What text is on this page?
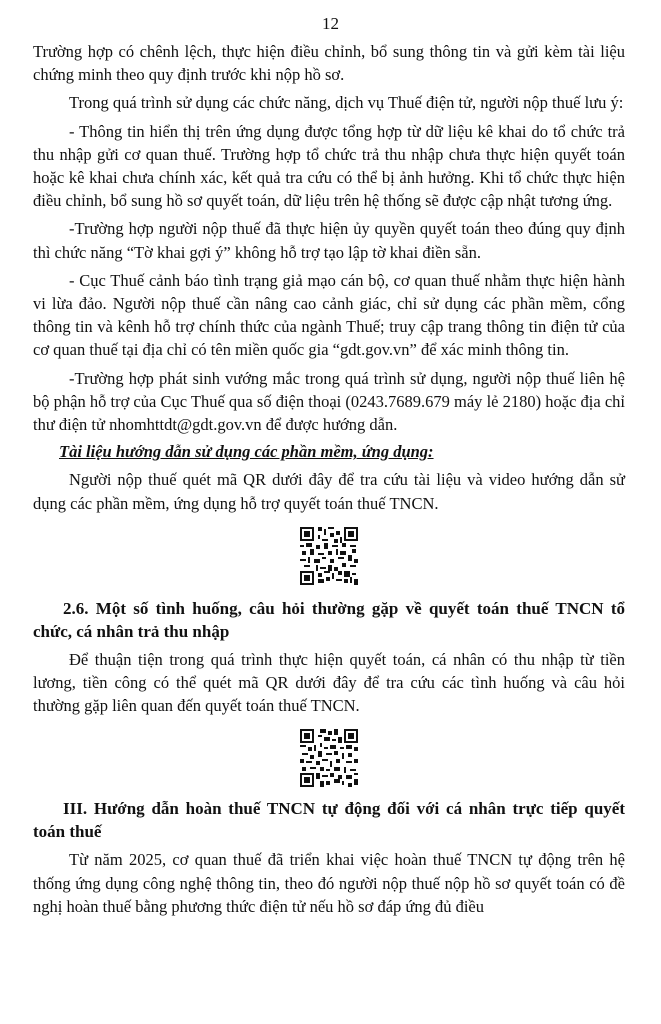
12

Trường hợp có chênh lệch, thực hiện điều chỉnh, bổ sung thông tin và gửi kèm tài liệu chứng minh theo quy định trước khi nộp hồ sơ.

Trong quá trình sử dụng các chức năng, dịch vụ Thuế điện tử, người nộp thuế lưu ý:

- Thông tin hiển thị trên ứng dụng được tổng hợp từ dữ liệu kê khai do tổ chức trả thu nhập gửi cơ quan thuế. Trường hợp tổ chức trả thu nhập chưa thực hiện quyết toán hoặc kê khai chưa chính xác, kết quả tra cứu có thể bị ảnh hưởng. Khi tổ chức thực hiện điều chỉnh, bổ sung hồ sơ quyết toán, dữ liệu trên hệ thống sẽ được cập nhật tương ứng.

-Trường hợp người nộp thuế đã thực hiện ủy quyền quyết toán theo đúng quy định thì chức năng “Tờ khai gợi ý” không hỗ trợ tạo lập tờ khai điền sẵn.

- Cục Thuế cảnh báo tình trạng giả mạo cán bộ, cơ quan thuế nhằm thực hiện hành vi lừa đảo. Người nộp thuế cần nâng cao cảnh giác, chỉ sử dụng các phần mềm, cổng thông tin và kênh hỗ trợ chính thức của ngành Thuế; truy cập trang thông tin điện tử của cơ quan thuế tại địa chỉ có tên miền quốc gia “gdt.gov.vn” để xác minh thông tin.

-Trường hợp phát sinh vướng mắc trong quá trình sử dụng, người nộp thuế liên hệ bộ phận hỗ trợ của Cục Thuế qua số điện thoại (0243.7689.679 máy lẻ 2180) hoặc địa chỉ thư điện tử nhomhttdt@gdt.gov.vn để được hướng dẫn.

Tài liệu hướng dẫn sử dụng các phần mềm, ứng dụng:

Người nộp thuế quét mã QR dưới đây để tra cứu tài liệu và video hướng dẫn sử dụng các phần mềm, ứng dụng hỗ trợ quyết toán thuế TNCN.

2.6. Một số tình huống, câu hỏi thường gặp về quyết toán thuế TNCN tổ chức, cá nhân trả thu nhập

Để thuận tiện trong quá trình thực hiện quyết toán, cá nhân có thu nhập từ tiền lương, tiền công có thể quét mã QR dưới đây để tra cứu các tình huống và câu hỏi thường gặp liên quan đến quyết toán thuế TNCN.

III. Hướng dẫn hoàn thuế TNCN tự động đối với cá nhân trực tiếp quyết toán thuế

Từ năm 2025, cơ quan thuế đã triển khai việc hoàn thuế TNCN tự động trên hệ thống ứng dụng công nghệ thông tin, theo đó người nộp thuế nộp hồ sơ quyết toán có đề nghị hoàn thuế bằng phương thức điện tử nếu hồ sơ đáp ứng đủ điều
